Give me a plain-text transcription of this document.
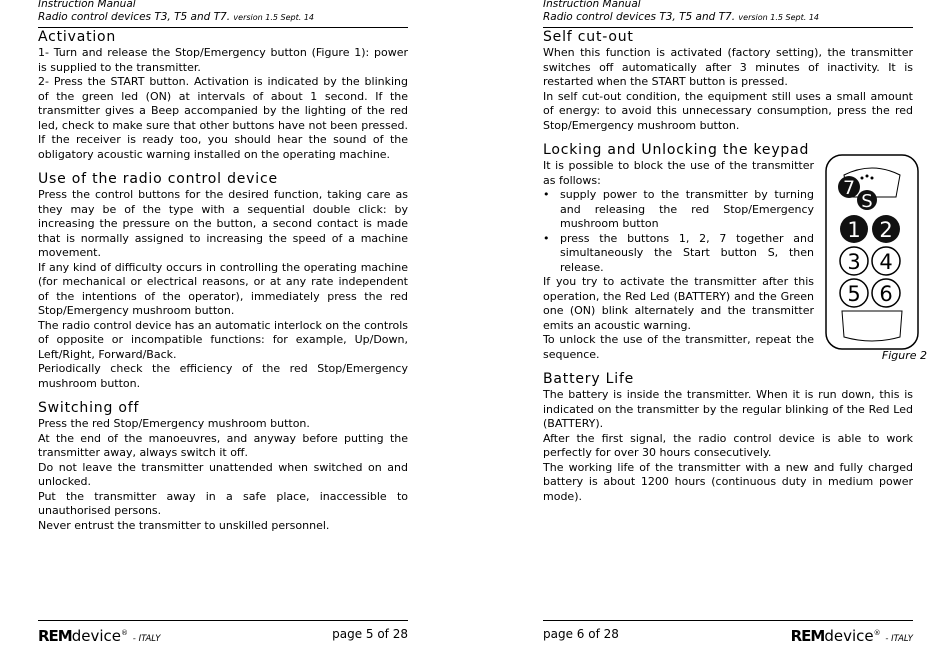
Instruction Manual
Radio control devices T3, T5 and T7. version 1.5 Sept. 14
Activation

1- Turn and release the Stop/Emergency button (Figure 1): power is supplied to the transmitter.

2- Press the START button. Activation is indicated by the blinking of the green led (ON) at intervals of about 1 second. If the transmitter gives a Beep accompanied by the lighting of the red led, check to make sure that other buttons have not been pressed. If the receiver is ready too, you should hear the sound of the obligatory acoustic warning installed on the operating machine.

Use of the radio control device

Press the control buttons for the desired function, taking care as they may be of the type with a sequential double click: by increasing the pressure on the button, a second contact is made that is normally assigned to increasing the speed of a machine movement.

If any kind of difficulty occurs in controlling the operating machine (for mechanical or electrical reasons, or at any rate independent of the intentions of the operator), immediately press the red Stop/Emergency mushroom button.

The radio control device has an automatic interlock on the controls of opposite or incompatible functions: for example, Up/Down, Left/Right, Forward/Back.

Periodically check the efficiency of the red Stop/Emergency mushroom button.

Switching off

Press the red Stop/Emergency mushroom button.

At the end of the manoeuvres, and anyway before putting the transmitter away, always switch it off.

Do not leave the transmitter unattended when switched on and unlocked.

Put the transmitter away in a safe place, inaccessible to unauthorised persons.

Never entrust the transmitter to unskilled personnel.

REMdevice® - ITALY	page 5 of 28
Instruction Manual
Radio control devices T3, T5 and T7. version 1.5 Sept. 14
Self cut-out

When this function is activated (factory setting), the transmitter switches off automatically after 3 minutes of inactivity. It is restarted when the START button is pressed.

In self cut-out condition, the equipment still uses a small amount of energy: to avoid this unnecessary consumption, press the red Stop/Emergency mushroom button.

Locking and Unlocking the keypad
7
S
1 2
3 4
5 6
Figure 2

It is possible to block the use of the transmitter as follows:

• supply power to the transmitter by turning and releasing the red Stop/Emergency mushroom button
• press the buttons 1, 2, 7 together and simultaneously the Start button S, then release.

If you try to activate the transmitter after this operation, the Red Led (BATTERY) and the Green one (ON) blink alternately and the transmitter emits an acoustic warning.

To unlock the use of the transmitter, repeat the sequence.

Battery Life

The battery is inside the transmitter. When it is run down, this is indicated on the transmitter by the regular blinking of the Red Led (BATTERY).

After the first signal, the radio control device is able to work perfectly for over 30 hours consecutively.

The working life of the transmitter with a new and fully charged battery is about 1200 hours (continuous duty in medium power mode).

page 6 of 28	REMdevice® - ITALY
